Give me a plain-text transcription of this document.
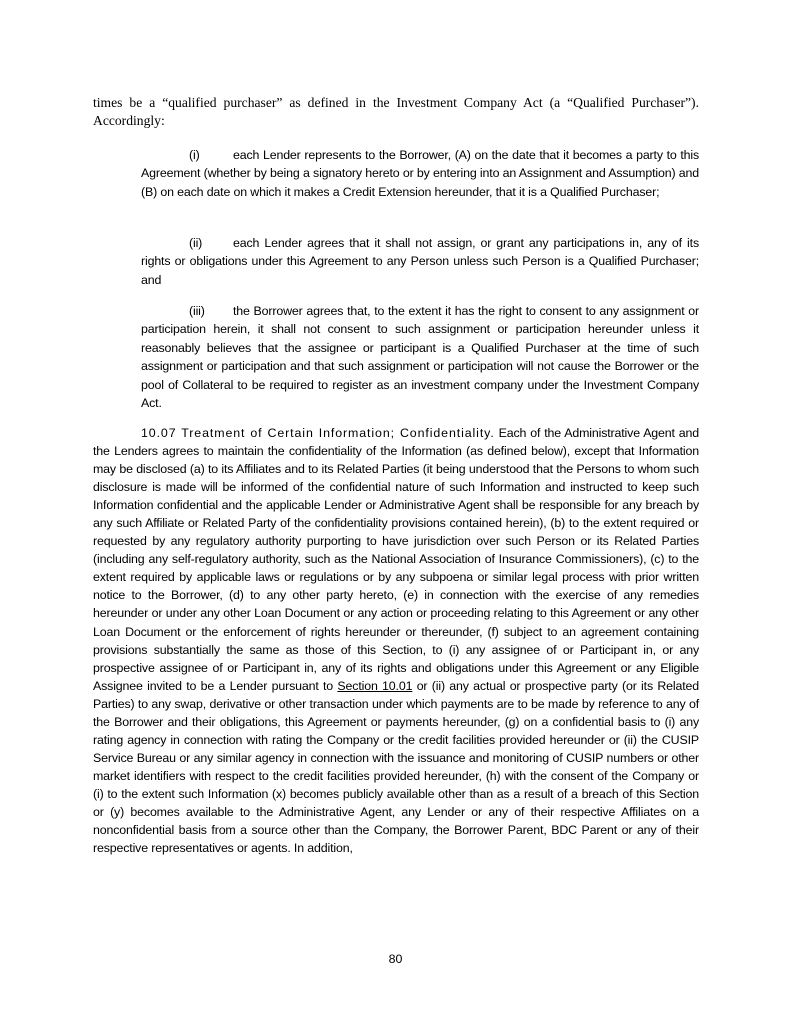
times be a “qualified purchaser” as defined in the Investment Company Act (a “Qualified Purchaser”). Accordingly:

(i)	each Lender represents to the Borrower, (A) on the date that it becomes a party to this Agreement (whether by being a signatory hereto or by entering into an Assignment and Assumption) and (B) on each date on which it makes a Credit Extension hereunder, that it is a Qualified Purchaser;

(ii) each Lender agrees that it shall not assign, or grant any participations in, any of its rights or obligations under this Agreement to any Person unless such Person is a Qualified Purchaser; and

(iii) the Borrower agrees that, to the extent it has the right to consent to any assignment or participation herein, it shall not consent to such assignment or participation hereunder unless it reasonably believes that the assignee or participant is a Qualified Purchaser at the time of such assignment or participation and that such assignment or participation will not cause the Borrower or the pool of Collateral to be required to register as an investment company under the Investment Company Act.

10.07 Treatment of Certain Information; Confidentiality. Each of the Administrative Agent and the Lenders agrees to maintain the confidentiality of the Information (as defined below), except that Information may be disclosed (a) to its Affiliates and to its Related Parties (it being understood that the Persons to whom such disclosure is made will be informed of the confidential nature of such Information and instructed to keep such Information confidential and the applicable Lender or Administrative Agent shall be responsible for any breach by any such Affiliate or Related Party of the confidentiality provisions contained herein), (b) to the extent required or requested by any regulatory authority purporting to have jurisdiction over such Person or its Related Parties (including any self-regulatory authority, such as the National Association of Insurance Commissioners), (c) to the extent required by applicable laws or regulations or by any subpoena or similar legal process with prior written notice to the Borrower, (d) to any other party hereto, (e) in connection with the exercise of any remedies hereunder or under any other Loan Document or any action or proceeding relating to this Agreement or any other Loan Document or the enforcement of rights hereunder or thereunder, (f) subject to an agreement containing provisions substantially the same as those of this Section, to (i) any assignee of or Participant in, or any prospective assignee of or Participant in, any of its rights and obligations under this Agreement or any Eligible Assignee invited to be a Lender pursuant to Section 10.01 or (ii) any actual or prospective party (or its Related Parties) to any swap, derivative or other transaction under which payments are to be made by reference to any of the Borrower and their obligations, this Agreement or payments hereunder, (g) on a confidential basis to (i) any rating agency in connection with rating the Company or the credit facilities provided hereunder or (ii) the CUSIP Service Bureau or any similar agency in connection with the issuance and monitoring of CUSIP numbers or other market identifiers with respect to the credit facilities provided hereunder, (h) with the consent of the Company or (i) to the extent such Information (x) becomes publicly available other than as a result of a breach of this Section or (y) becomes available to the Administrative Agent, any Lender or any of their respective Affiliates on a nonconfidential basis from a source other than the Company, the Borrower Parent, BDC Parent or any of their respective representatives or agents. In addition,

80
